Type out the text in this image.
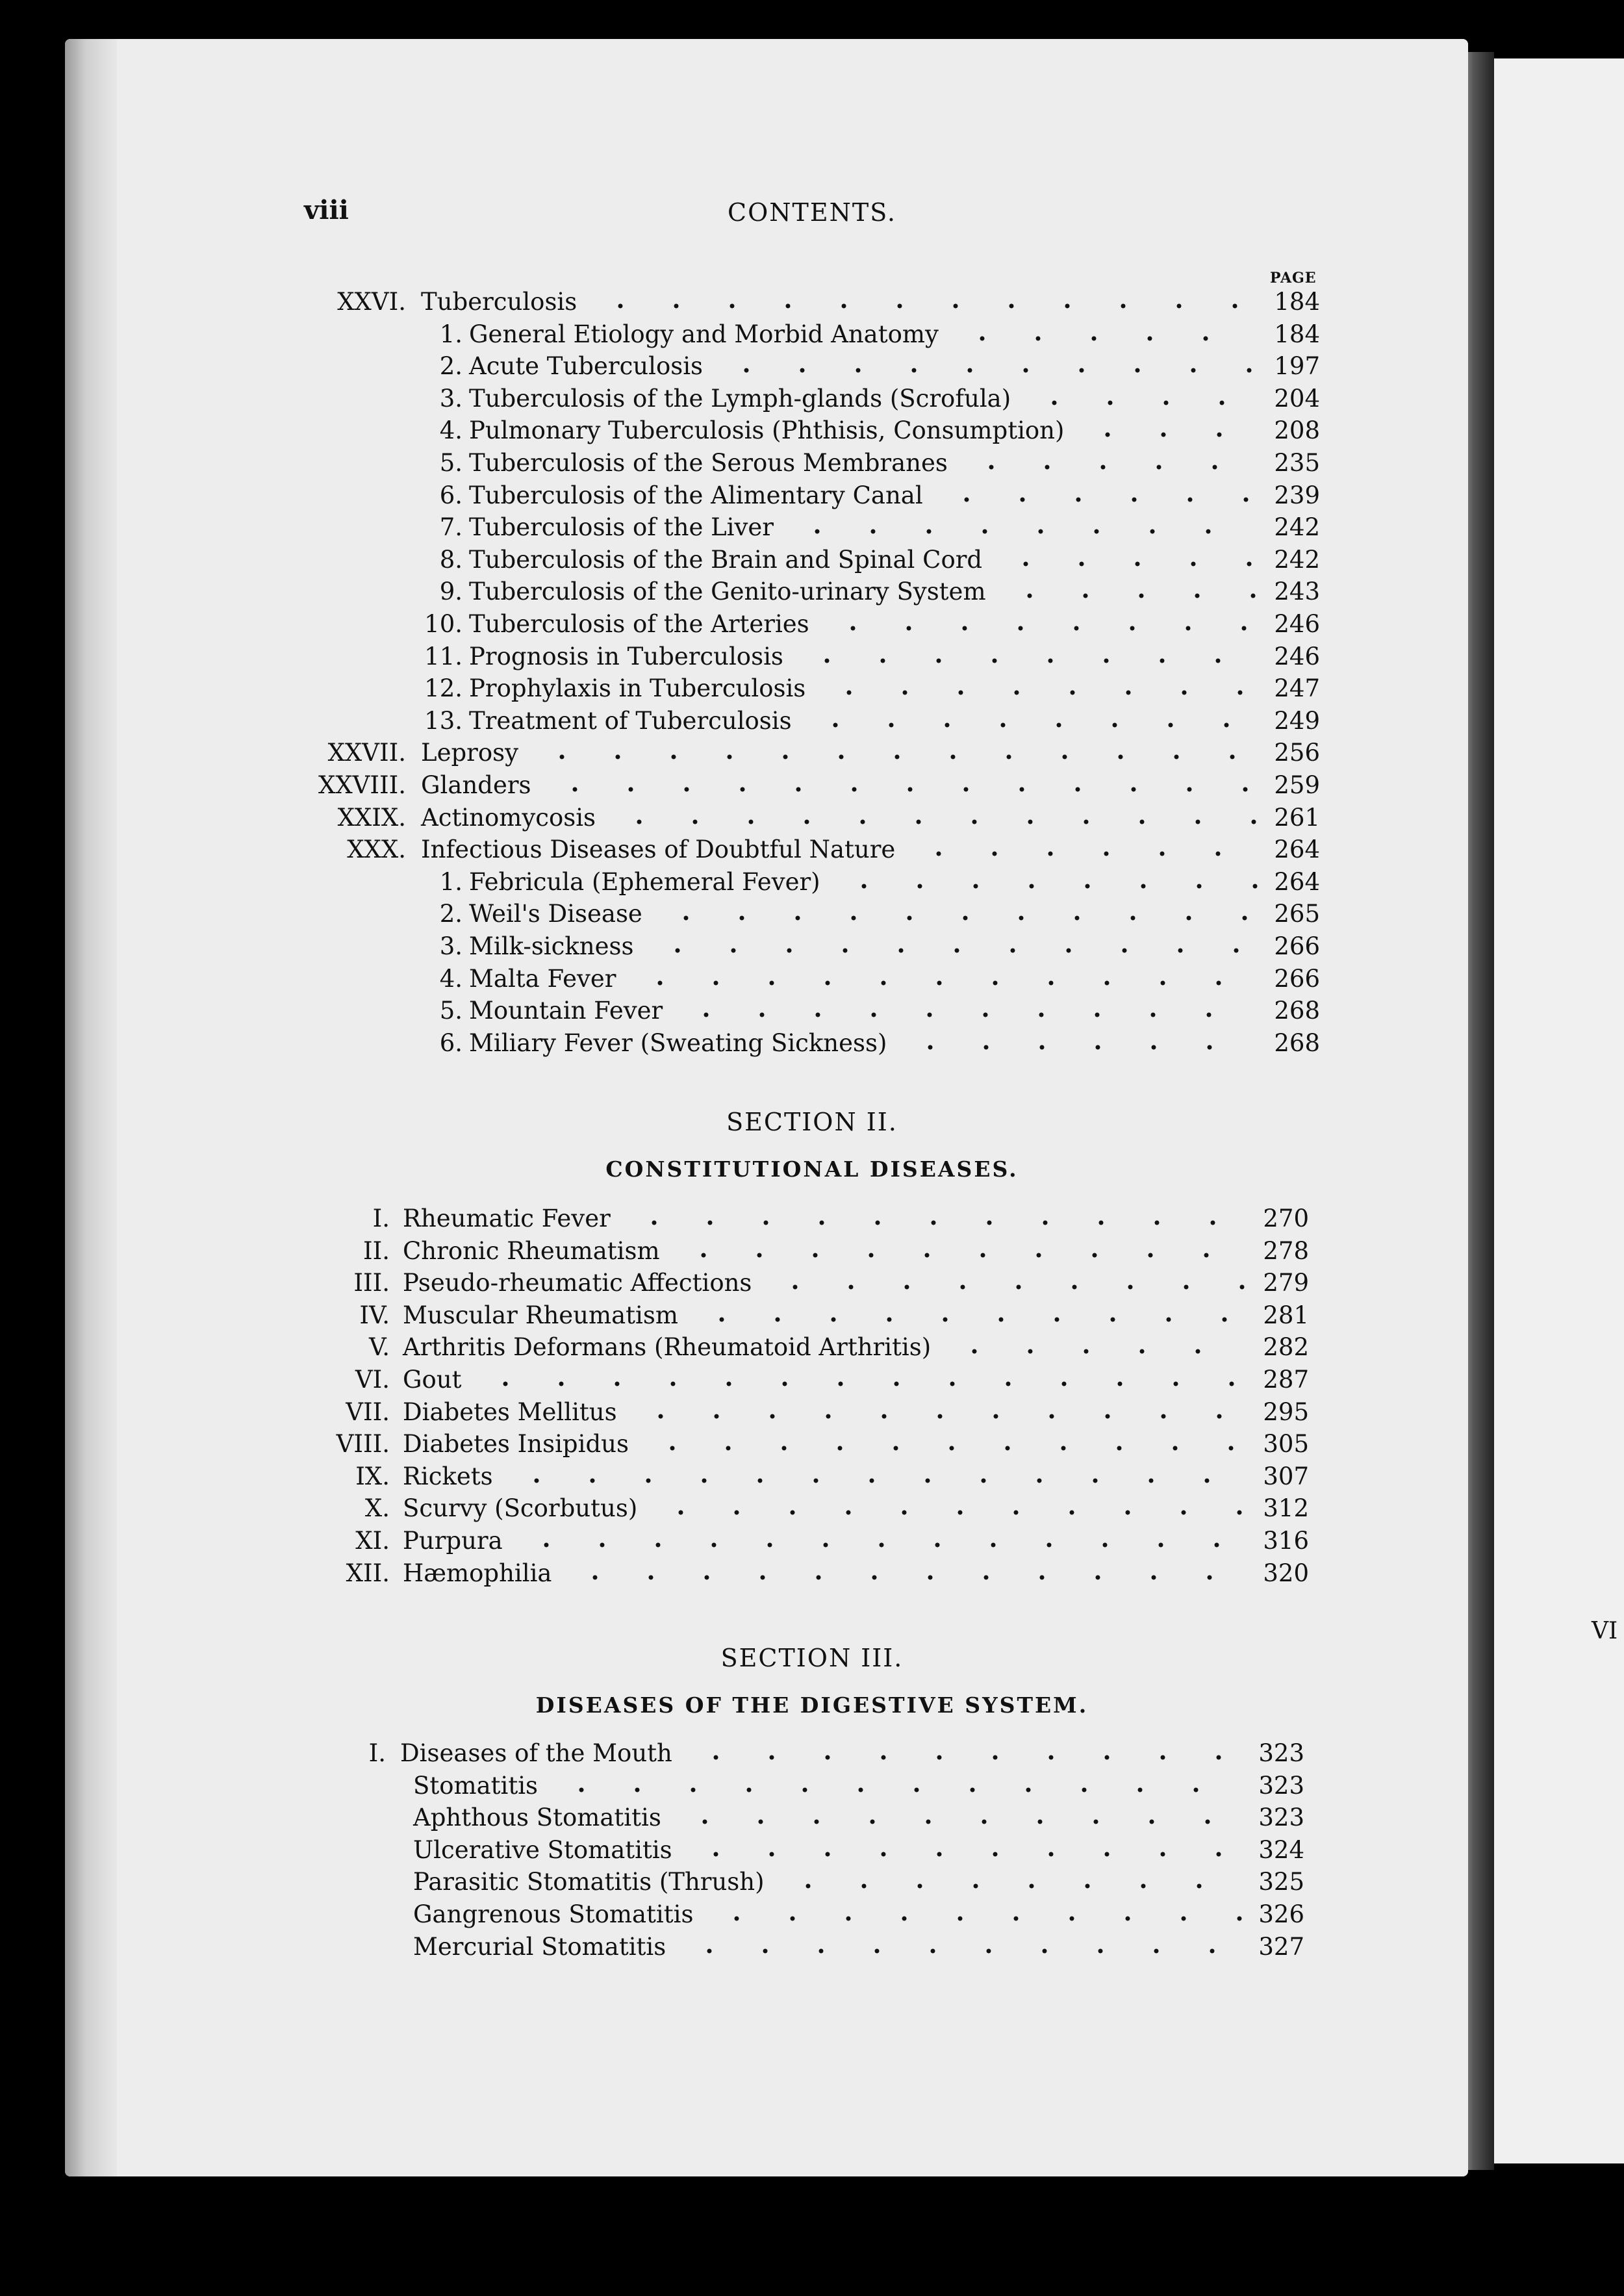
viii	CONTENTS.
PAGE
XXVI. Tuberculosis	184
1. General Etiology and Morbid Anatomy	184
2. Acute Tuberculosis	197
3. Tuberculosis of the Lymph-glands (Scrofula)	204
4. Pulmonary Tuberculosis (Phthisis, Consumption)	208
5. Tuberculosis of the Serous Membranes	235
6. Tuberculosis of the Alimentary Canal	239
7. Tuberculosis of the Liver	242
8. Tuberculosis of the Brain and Spinal Cord	242
9. Tuberculosis of the Genito-urinary System	243
10. Tuberculosis of the Arteries	246
11. Prognosis in Tuberculosis	246
12. Prophylaxis in Tuberculosis	247
13. Treatment of Tuberculosis	249
XXVII. Leprosy	256
XXVIII. Glanders	259
XXIX. Actinomycosis	261
XXX. Infectious Diseases of Doubtful Nature	264
1. Febricula (Ephemeral Fever)	264
2. Weil's Disease	265
3. Milk-sickness	266
4. Malta Fever	266
5. Mountain Fever	268
6. Miliary Fever (Sweating Sickness)	268
SECTION II.
CONSTITUTIONAL DISEASES.
I. Rheumatic Fever	270
II. Chronic Rheumatism	278
III. Pseudo-rheumatic Affections	279
IV. Muscular Rheumatism	281
V. Arthritis Deformans (Rheumatoid Arthritis)	282
VI. Gout	287
VII. Diabetes Mellitus	295
VIII. Diabetes Insipidus	305
IX. Rickets	307
X. Scurvy (Scorbutus)	312
XI. Purpura	316
XII. Hæmophilia	320
SECTION III.
DISEASES OF THE DIGESTIVE SYSTEM.
I. Diseases of the Mouth	323
Stomatitis	323
Aphthous Stomatitis	323
Ulcerative Stomatitis	324
Parasitic Stomatitis (Thrush)	325
Gangrenous Stomatitis	326
Mercurial Stomatitis	327
VI
